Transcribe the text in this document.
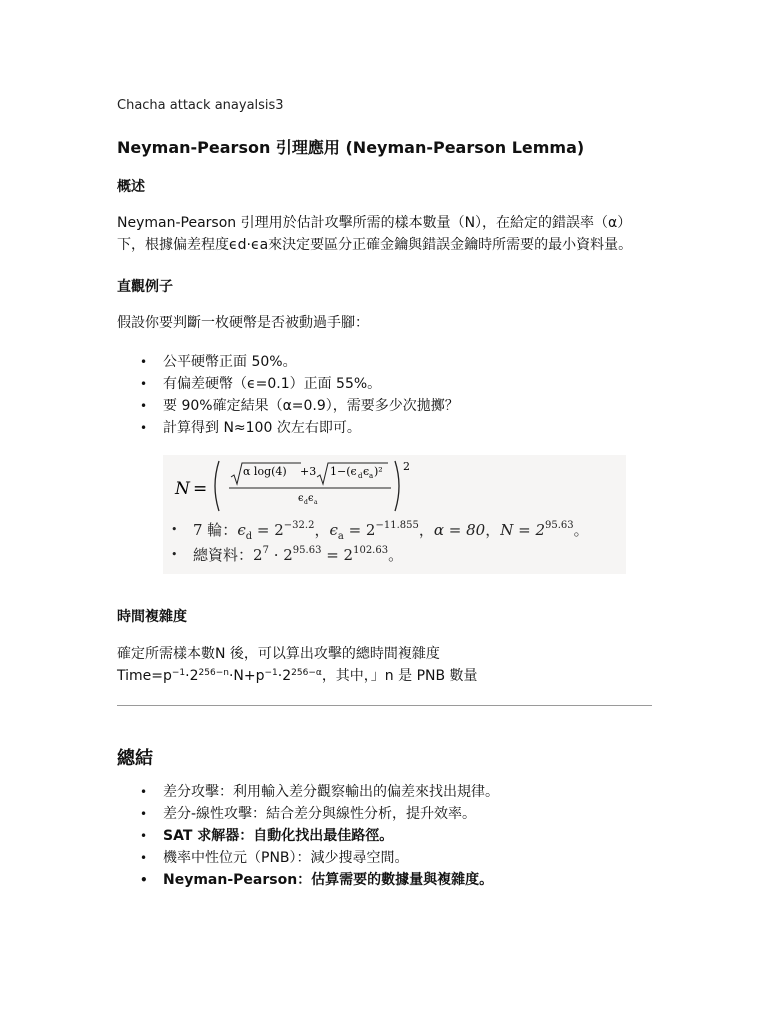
Chacha attack anayalsis3
Neyman-Pearson 引理應用 (Neyman-Pearson Lemma)
概述
Neyman-Pearson 引理用於估計攻擊所需的樣本數量（N），在給定的錯誤率（α）下，根據偏差程度ϵd·ϵa來決定要區分正確金鑰與錯誤金鑰時所需要的最小資料量。
直觀例子
假設你要判斷一枚硬幣是否被動過手腳：
• 公平硬幣正面 50%。
• 有偏差硬幣（ϵ=0.1）正面 55%。
• 要 90%確定結果（α=0.9），需要多少次拋擲？
• 計算得到 N≈100 次左右即可。
N =
α log(4) +3 1−(ϵ d ϵ a )²
ϵ d ϵ a
2
• 7 輪：$\epsilon_d = 2^{-32.2}$，$\epsilon_a = 2^{-11.855}$，α = 80，$N = 2^{95.63}$。
• 總資料：$2^7 \cdot 2^{95.63} = 2^{102.63}$。
時間複雜度
確定所需樣本數N 後，可以算出攻擊的總時間複雜度 $Time=p^{-1}\cdot 2^{256-n}\cdot N+p^{-1}\cdot 2^{256-\alpha}$，其中，」n 是 PNB 數量
總結
• 差分攻擊：利用輸入差分觀察輸出的偏差來找出規律。
• 差分-線性攻擊：結合差分與線性分析，提升效率。
• SAT 求解器：自動化找出最佳路徑。
• 機率中性位元（PNB）：減少搜尋空間。
• Neyman-Pearson：估算需要的數據量與複雜度。
